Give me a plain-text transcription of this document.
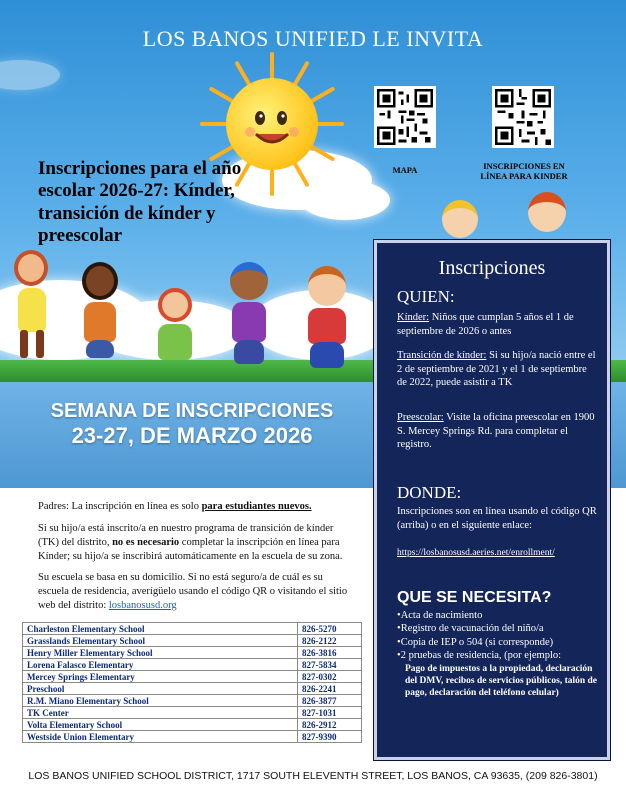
LOS BANOS UNIFIED LE INVITA
MAPA	INSCRIPCIONES EN LÍNEA PARA KINDER
Inscripciones para el año escolar 2026-27: Kínder, transición de kínder y preescolar
SEMANA DE INSCRIPCIONES
23-27, DE MARZO 2026

Padres: La inscripción en línea es solo para estudiantes nuevos.

Si su hijo/a está inscrito/a en nuestro programa de transición de kínder (TK) del distrito, no es necesario completar la inscripción en línea para Kínder; su hijo/a se inscribirá automáticamente en la escuela de su zona.

Su escuela se basa en su domicilio. Si no está seguro/a de cuál es su escuela de residencia, averígüelo usando el código QR o visitando el sitio web del distrito: losbanosusd.org

Charleston Elementary School	826-5270
Grasslands Elementary School	826-2122
Henry Miller Elementary School	826-3816
Lorena Falasco Elementary	827-5834
Mercey Springs Elementary	827-0302
Preschool	826-2241
R.M. Miano Elementary School	826-3877
TK Center	827-1031
Volta Elementary School	826-2912
Westside Union Elementary	827-9390
Inscripciones
QUIEN:
Kínder: Niños que cumplan 5 años el 1 de septiembre de 2026 o antes
Transición de kínder: Si su hijo/a nació entre el 2 de septiembre de 2021 y el 1 de septiembre de 2022, puede asistir a TK
Preescolar: Visite la oficina preescolar en 1900 S. Mercey Springs Rd. para completar el registro.
DONDE:
Inscripciones son en línea usando el código QR (arriba) o en el siguiente enlace:
https://losbanosusd.aeries.net/enrollment/
QUE SE NECESITA?
• Acta de nacimiento
• Registro de vacunación del niño/a
• Copia de IEP o 504 (si corresponde)
• 2 pruebas de residencia, (por ejemplo:
Pago de impuestos a la propiedad, declaración del DMV, recibos de servicios públicos, talón de pago, declaración del teléfono celular)
LOS BANOS UNIFIED SCHOOL DISTRICT, 1717 SOUTH ELEVENTH STREET, LOS BANOS, CA 93635, (209 826-3801)
